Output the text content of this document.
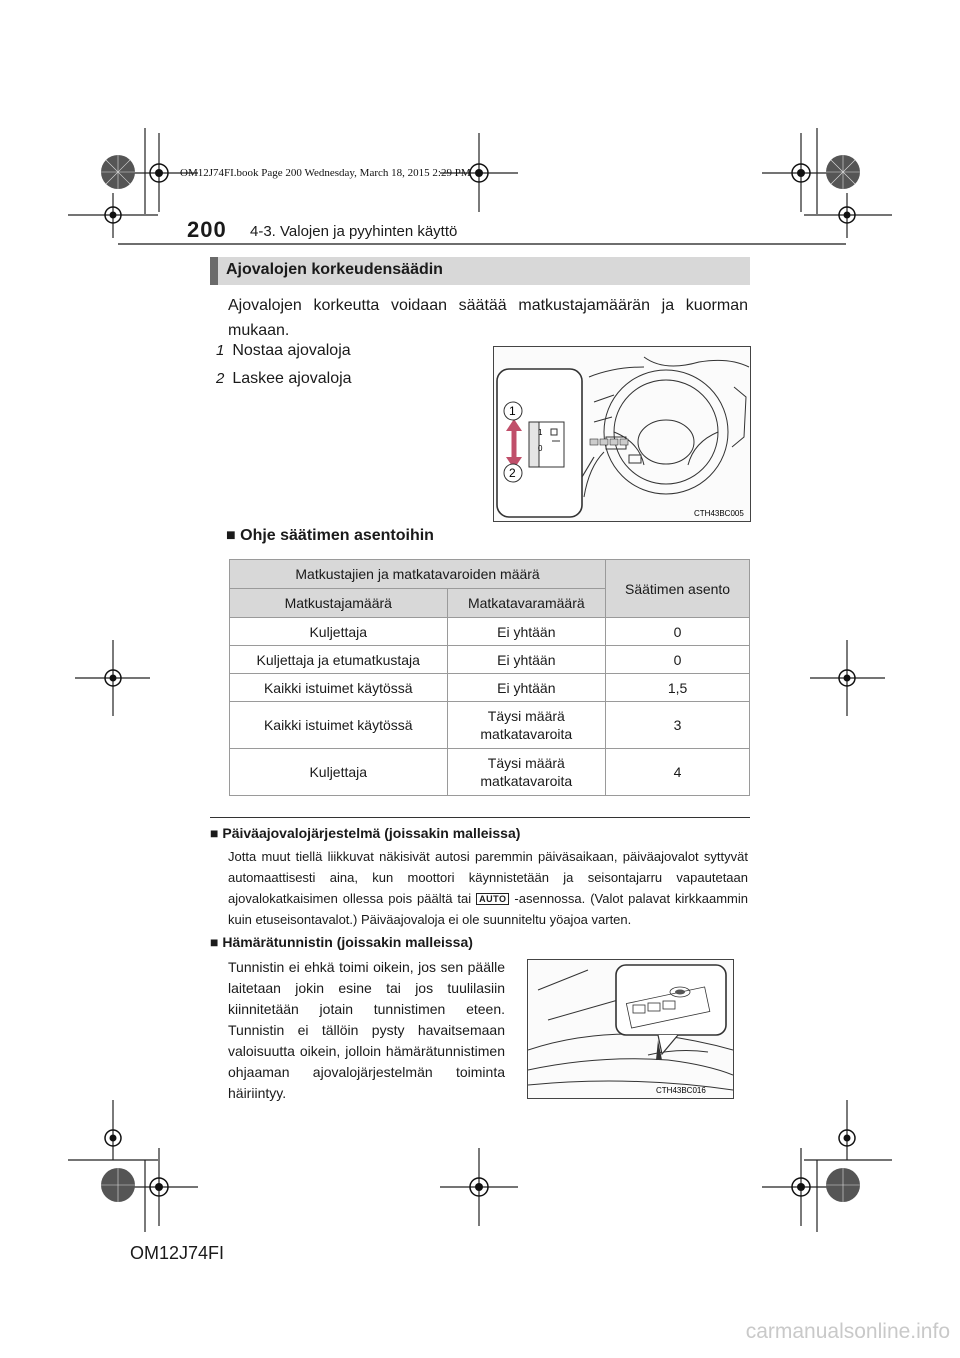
OM12J74FI.book Page 200 Wednesday, March 18, 2015 2:29 PM
200 4-3. Valojen ja pyyhinten käyttö
Ajovalojen korkeudensäädin
Ajovalojen korkeutta voidaan säätää matkustajamäärän ja kuorman mukaan.
1 Nostaa ajovaloja
2 Laskee ajovaloja
1
0
1
2
CTH43BC005
■ Ohje säätimen asentoihin
Matkustajien ja matkatavaroiden määrä		Säätimen asento
Matkustajamäärä	Matkatavaramäärä	
Kuljettaja	Ei yhtään	0
Kuljettaja ja etumatkustaja	Ei yhtään	0
Kaikki istuimet käytössä	Ei yhtään	1,5
Kaikki istuimet käytössä	Täysi määrä matkatavaroita	3
Kuljettaja	Täysi määrä matkatavaroita	4
■ Päiväajovalojärjestelmä (joissakin malleissa)
Jotta muut tiellä liikkuvat näkisivät autosi paremmin päiväsaikaan, päiväajovalot syttyvät automaattisesti aina, kun moottori käynnistetään ja seisontajarru vapautetaan ajovalokatkaisimen ollessa pois päältä tai AUTO -asennossa. (Valot palavat kirkkaammin kuin etuseisontavalot.) Päiväajovaloja ei ole suunniteltu yöajoa varten.
■ Hämärätunnistin (joissakin malleissa)
Tunnistin ei ehkä toimi oikein, jos sen päälle laitetaan jokin esine tai jos tuulilasiin kiinnitetään jotain tunnistimen eteen. Tunnistin ei tällöin pysty havaitsemaan valoisuutta oikein, jolloin hämärätunnistimen ohjaaman ajovalojärjestelmän toiminta häiriintyy.	CTH43BC016
OM12J74FI
carmanualsonline.info
